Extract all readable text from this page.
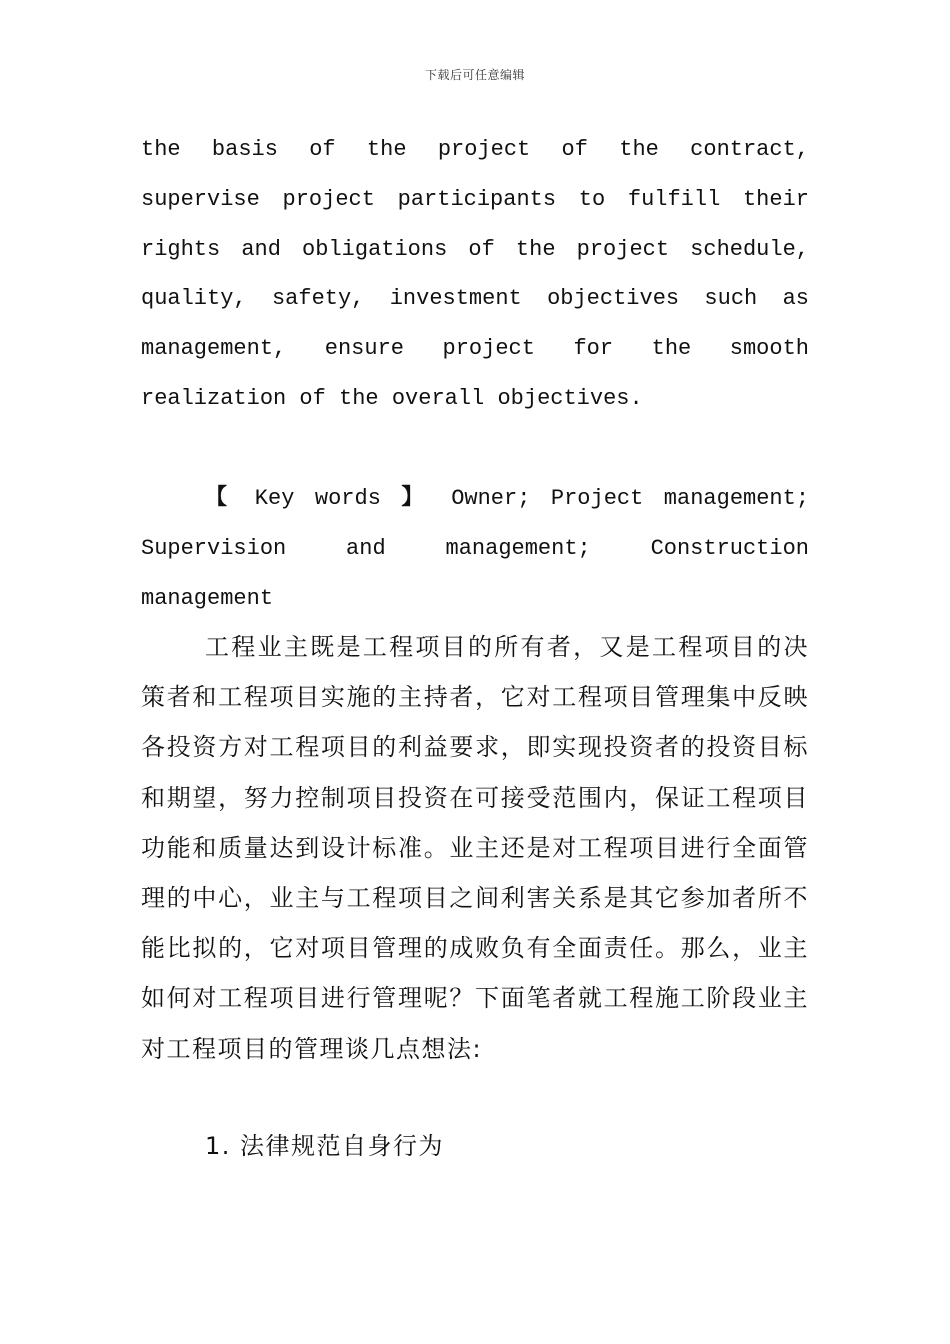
下载后可任意编辑

the basis of the project of the contract, supervise project participants to fulfill their rights and obligations of the project schedule, quality, safety, investment objectives such as management, ensure project for the smooth realization of the overall objectives.

【 Key words 】 Owner; Project management; Supervision and management; Construction management

工程业主既是工程项目的所有者，又是工程项目的决策者和工程项目实施的主持者，它对工程项目管理集中反映各投资方对工程项目的利益要求，即实现投资者的投资目标和期望，努力控制项目投资在可接受范围内，保证工程项目功能和质量达到设计标准。业主还是对工程项目进行全面管理的中心，业主与工程项目之间利害关系是其它参加者所不能比拟的，它对项目管理的成败负有全面责任。那么，业主如何对工程项目进行管理呢？下面笔者就工程施工阶段业主对工程项目的管理谈几点想法:

1. 法律规范自身行为
